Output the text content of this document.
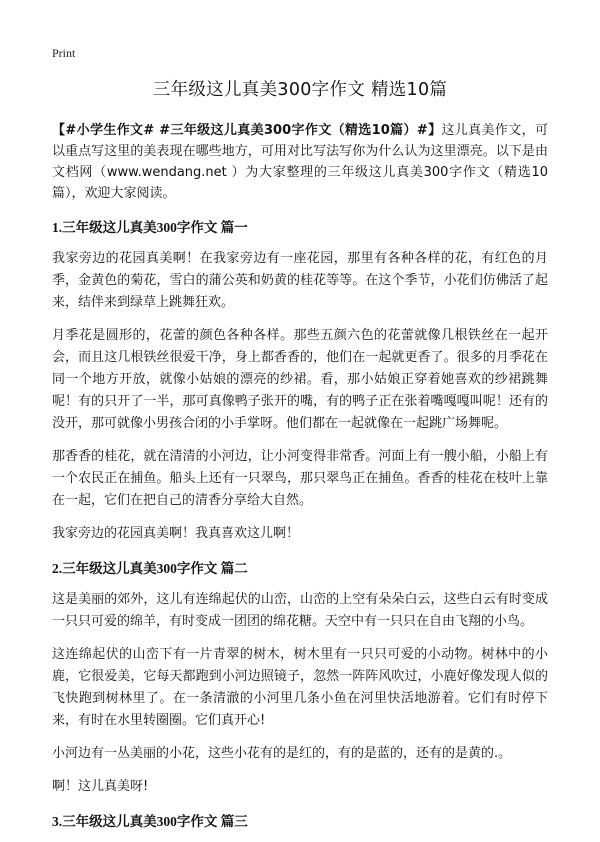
Print
三年级这儿真美300字作文 精选10篇

【#小学生作文# #三年级这儿真美300字作文（精选10篇）#】这儿真美作文，可以重点写这里的美表现在哪些地方，可用对比写法写你为什么认为这里漂亮。以下是由文档网（www.wendang.net ）为大家整理的三年级这儿真美300字作文（精选10篇），欢迎大家阅读。

1.三年级这儿真美300字作文 篇一

我家旁边的花园真美啊！在我家旁边有一座花园，那里有各种各样的花，有红色的月季，金黄色的菊花，雪白的蒲公英和奶黄的桂花等等。在这个季节，小花们仿佛活了起来，结伴来到绿草上跳舞狂欢。

月季花是圆形的，花蕾的颜色各种各样。那些五颜六色的花蕾就像几根铁丝在一起开会，而且这几根铁丝很爱干净，身上都香香的，他们在一起就更香了。很多的月季花在同一个地方开放，就像小姑娘的漂亮的纱裙。看，那小姑娘正穿着她喜欢的纱裙跳舞呢！有的只开了一半，那可真像鸭子张开的嘴，有的鸭子正在张着嘴嘎嘎叫呢！还有的没开，那可就像小男孩合闭的小手掌呀。他们都在一起就像在一起跳广场舞呢。

那香香的桂花，就在清清的小河边，让小河变得非常香。河面上有一艘小船，小船上有一个农民正在捕鱼。船头上还有一只翠鸟，那只翠鸟正在捕鱼。香香的桂花在枝叶上靠在一起，它们在把自己的清香分享给大自然。

我家旁边的花园真美啊！我真喜欢这儿啊！

2.三年级这儿真美300字作文 篇二

这是美丽的郊外，这儿有连绵起伏的山峦，山峦的上空有朵朵白云，这些白云有时变成一只只可爱的绵羊，有时变成一团团的绵花糖。天空中有一只只在自由飞翔的小鸟。

这连绵起伏的山峦下有一片青翠的树木，树木里有一只只可爱的小动物。树林中的小鹿，它很爱美，它每天都跑到小河边照镜子，忽然一阵阵风吹过，小鹿好像发现人似的飞快跑到树林里了。在一条清澈的小河里几条小鱼在河里快活地游着。它们有时停下来，有时在水里转圈圈。它们真开心!

小河边有一丛美丽的小花，这些小花有的是红的，有的是蓝的，还有的是黄的.。

啊！这儿真美呀!

3.三年级这儿真美300字作文 篇三
